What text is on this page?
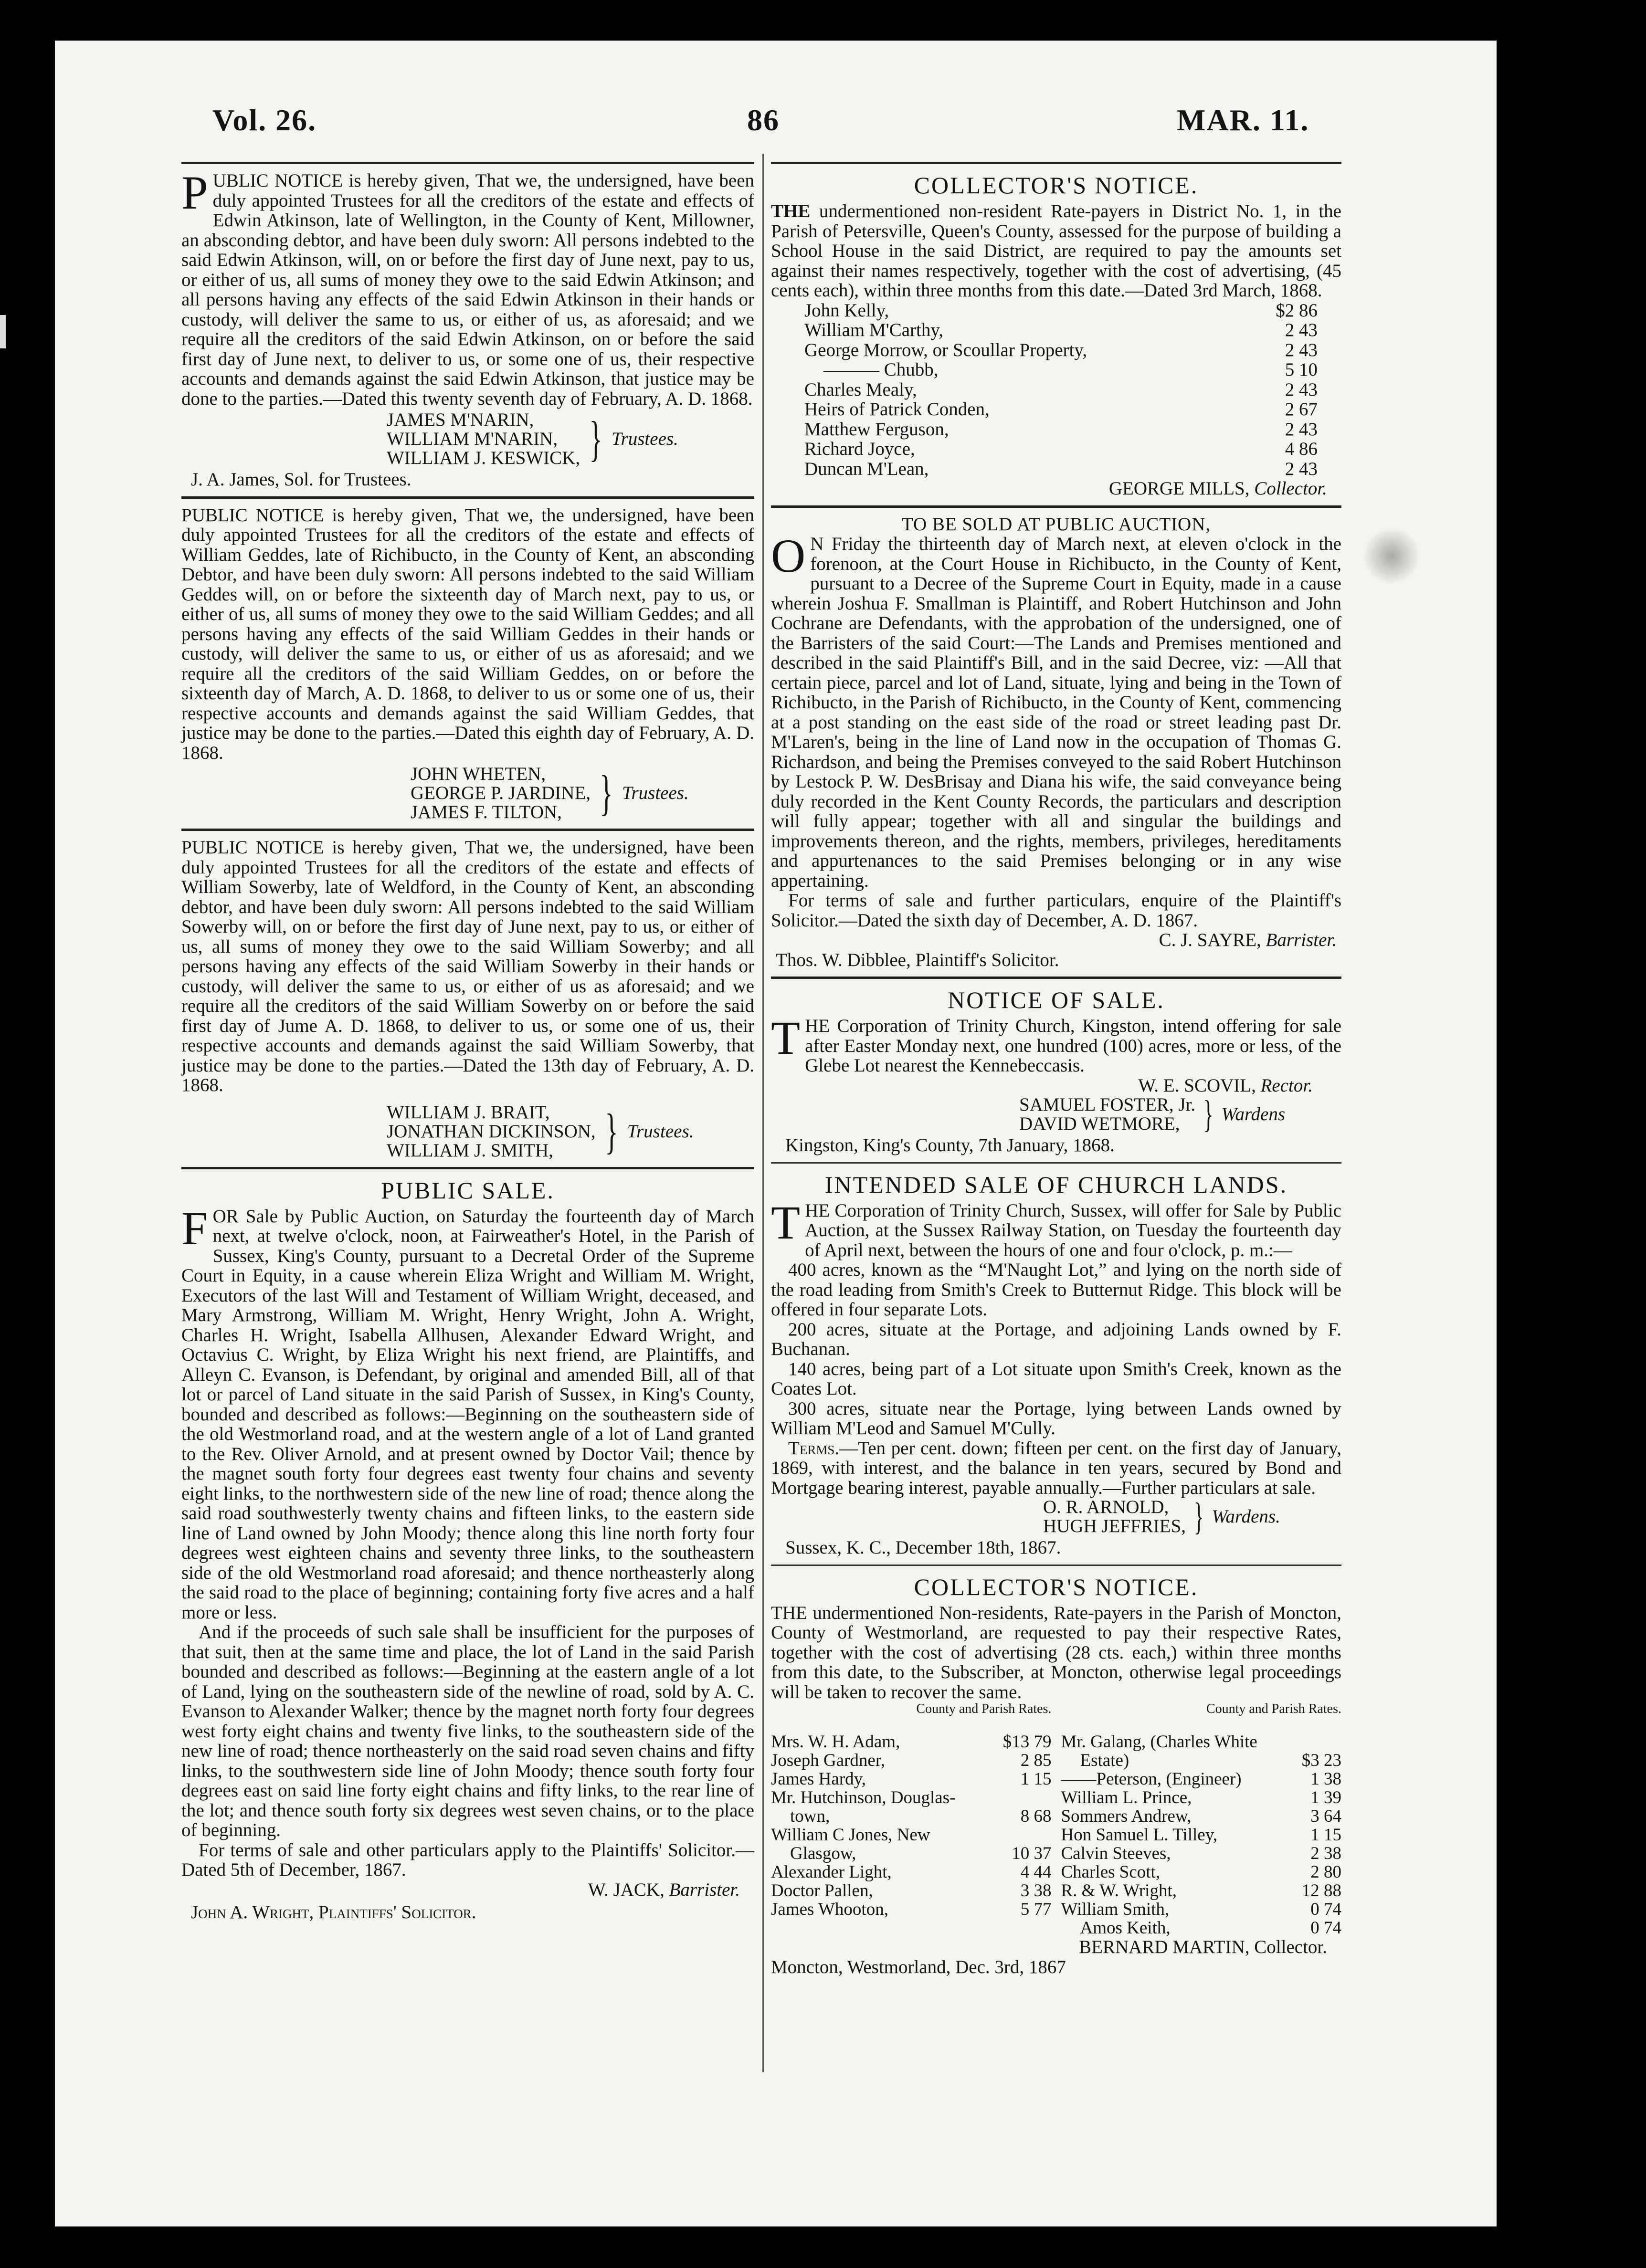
Vol. 26.	86	MAR. 11.

PUBLIC NOTICE is hereby given, That we, the undersigned, have been duly appointed Trustees for all the creditors of the estate and effects of Edwin Atkinson, late of Wellington, in the County of Kent, Millowner, an absconding debtor, and have been duly sworn: All persons indebted to the said Edwin Atkinson, will, on or before the first day of June next, pay to us, or either of us, all sums of money they owe to the said Edwin Atkinson; and all persons having any effects of the said Edwin Atkinson in their hands or custody, will deliver the same to us, or either of us, as aforesaid; and we require all the creditors of the said Edwin Atkinson, on or before the said first day of June next, to deliver to us, or some one of us, their respective accounts and demands against the said Edwin Atkinson, that justice may be done to the parties.—Dated this twenty seventh day of February, A. D. 1868.

JAMES M'NARIN,
WILLIAM M'NARIN,
WILLIAM J. KESWICK, } Trustees.
J. A. James, Sol. for Trustees.

PUBLIC NOTICE is hereby given, That we, the undersigned, have been duly appointed Trustees for all the creditors of the estate and effects of William Geddes, late of Richibucto, in the County of Kent, an absconding Debtor, and have been duly sworn: All persons indebted to the said William Geddes will, on or before the sixteenth day of March next, pay to us, or either of us, all sums of money they owe to the said William Geddes; and all persons having any effects of the said William Geddes in their hands or custody, will deliver the same to us, or either of us as aforesaid; and we require all the creditors of the said William Geddes, on or before the sixteenth day of March, A. D. 1868, to deliver to us or some one of us, their respective accounts and demands against the said William Geddes, that justice may be done to the parties.—Dated this eighth day of February, A. D. 1868.

JOHN WHETEN,
GEORGE P. JARDINE,
JAMES F. TILTON, } Trustees.

PUBLIC NOTICE is hereby given, That we, the undersigned, have been duly appointed Trustees for all the creditors of the estate and effects of William Sowerby, late of Weldford, in the County of Kent, an absconding debtor, and have been duly sworn: All persons indebted to the said William Sowerby will, on or before the first day of June next, pay to us, or either of us, all sums of money they owe to the said William Sowerby; and all persons having any effects of the said William Sowerby in their hands or custody, will deliver the same to us, or either of us as aforesaid; and we require all the creditors of the said William Sowerby on or before the said first day of Jume A. D. 1868, to deliver to us, or some one of us, their respective accounts and demands against the said William Sowerby, that justice may be done to the parties.—Dated the 13th day of February, A. D. 1868.

WILLIAM J. BRAIT,
JONATHAN DICKINSON,
WILLIAM J. SMITH,	} Trustees.
PUBLIC SALE.

FOR Sale by Public Auction, on Saturday the fourteenth day of March next, at twelve o'clock, noon, at Fairweather's Hotel, in the Parish of Sussex, King's County, pursuant to a Decretal Order of the Supreme Court in Equity, in a cause wherein Eliza Wright and William M. Wright, Executors of the last Will and Testament of William Wright, deceased, and Mary Armstrong, William M. Wright, Henry Wright, John A. Wright, Charles H. Wright, Isabella Allhusen, Alexander Edward Wright, and Octavius C. Wright, by Eliza Wright his next friend, are Plaintiffs, and Alleyn C. Evanson, is Defendant, by original and amended Bill, all of that lot or parcel of Land situate in the said Parish of Sussex, in King's County, bounded and described as follows:—Beginning on the southeastern side of the old Westmorland road, and at the western angle of a lot of Land granted to the Rev. Oliver Arnold, and at present owned by Doctor Vail; thence by the magnet south forty four degrees east twenty four chains and seventy eight links, to the northwestern side of the new line of road; thence along the said road southwesterly twenty chains and fifteen links, to the eastern side line of Land owned by John Moody; thence along this line north forty four degrees west eighteen chains and seventy three links, to the southeastern side of the old Westmorland road aforesaid; and thence northeasterly along the said road to the place of beginning; containing forty five acres and a half more or less.

And if the proceeds of such sale shall be insufficient for the purposes of that suit, then at the same time and place, the lot of Land in the said Parish bounded and described as follows:—Beginning at the eastern angle of a lot of Land, lying on the southeastern side of the newline of road, sold by A. C. Evanson to Alexander Walker; thence by the magnet north forty four degrees west forty eight chains and twenty five links, to the southeastern side of the new line of road; thence northeasterly on the said road seven chains and fifty links, to the southwestern side line of John Moody; thence south forty four degrees east on said line forty eight chains and fifty links, to the rear line of the lot; and thence south forty six degrees west seven chains, or to the place of beginning.

For terms of sale and other particulars apply to the Plaintiffs' Solicitor.—Dated 5th of December, 1867.

W. JACK, Barrister.
John A. Wright, Plaintiffs' Solicitor.
COLLECTOR'S NOTICE.

THE undermentioned non-resident Rate-payers in District No. 1, in the Parish of Petersville, Queen's County, assessed for the purpose of building a School House in the said District, are required to pay the amounts set against their names respectively, together with the cost of advertising, (45 cents each), within three months from this date.—Dated 3rd March, 1868.

John Kelly,	$2 86
William M'Carthy,	2 43
George Morrow, or Scoullar Property,	2 43
——— Chubb,	5 10
Charles Mealy,	2 43
Heirs of Patrick Conden,	2 67
Matthew Ferguson,	2 43
Richard Joyce,	4 86
Duncan M'Lean,	2 43
GEORGE MILLS, Collector.
TO BE SOLD AT PUBLIC AUCTION,

O N Friday the thirteenth day of March next, at eleven o'clock in the forenoon, at the Court House in Richibucto, in the County of Kent, pursuant to a Decree of the Supreme Court in Equity, made in a cause wherein Joshua F. Smallman is Plaintiff, and Robert Hutchinson and John Cochrane are Defendants, with the approbation of the undersigned, one of the Barristers of the said Court:—The Lands and Premises mentioned and described in the said Plaintiff's Bill, and in the said Decree, viz: —All that certain piece, parcel and lot of Land, situate, lying and being in the Town of Richibucto, in the Parish of Richibucto, in the County of Kent, commencing at a post standing on the east side of the road or street leading past Dr. M'Laren's, being in the line of Land now in the occupation of Thomas G. Richardson, and being the Premises conveyed to the said Robert Hutchinson by Lestock P. W. DesBrisay and Diana his wife, the said conveyance being duly recorded in the Kent County Records, the particulars and description will fully appear; together with all and singular the buildings and improvements thereon, and the rights, members, privileges, hereditaments and appurtenances to the said Premises belonging or in any wise appertaining.

For terms of sale and further particulars, enquire of the Plaintiff's Solicitor.—Dated the sixth day of December, A. D. 1867.

C. J. SAYRE, Barrister.
Thos. W. Dibblee, Plaintiff's Solicitor.
NOTICE OF SALE.

THE Corporation of Trinity Church, Kingston, intend offering for sale after Easter Monday next, one hundred (100) acres, more or less, of the Glebe Lot nearest the Kennebeccasis.

W. E. SCOVIL, Rector.
SAMUEL FOSTER, Jr.
DAVID WETMORE, } Wardens
Kingston, King's County, 7th January, 1868.
INTENDED SALE OF CHURCH LANDS.

THE Corporation of Trinity Church, Sussex, will offer for Sale by Public Auction, at the Sussex Railway Station, on Tuesday the fourteenth day of April next, between the hours of one and four o'clock, p. m.:—

400 acres, known as the “M'Naught Lot,” and lying on the north side of the road leading from Smith's Creek to Butternut Ridge. This block will be offered in four separate Lots.

200 acres, situate at the Portage, and adjoining Lands owned by F. Buchanan.

140 acres, being part of a Lot situate upon Smith's Creek, known as the Coates Lot.

300 acres, situate near the Portage, lying between Lands owned by William M'Leod and Samuel M'Cully.

Terms.—Ten per cent. down; fifteen per cent. on the first day of January, 1869, with interest, and the balance in ten years, secured by Bond and Mortgage bearing interest, payable annually.—Further particulars at sale.

O. R. ARNOLD,
HUGH JEFFRIES, } Wardens.
Sussex, K. C., December 18th, 1867.
COLLECTOR'S NOTICE.

THE undermentioned Non-residents, Rate-payers in the Parish of Moncton, County of Westmorland, are requested to pay their respective Rates, together with the cost of advertising (28 cts. each,) within three months from this date, to the Subscriber, at Moncton, otherwise legal proceedings will be taken to recover the same.

County and Parish Rates.
Mrs. W. H. Adam,	$13 79
Joseph Gardner,	2 85
James Hardy,	1 15
Mr. Hutchinson, Douglas-
town,	8 68
William C Jones, New
Glasgow,	10 37
Alexander Light,	4 44
Doctor Pallen,	3 38
James Whooton,	5 77
County and Parish Rates.
Mr. Galang, (Charles White
Estate)	$3 23
——Peterson, (Engineer)	1 38
William L. Prince,	1 39
Sommers Andrew,	3 64
Hon Samuel L. Tilley,	1 15
Calvin Steeves,	2 38
Charles Scott,	2 80
R. & W. Wright,	12 88
William Smith,	0 74
Amos Keith,	0 74
BERNARD MARTIN, Collector.
Moncton, Westmorland, Dec. 3rd, 1867
